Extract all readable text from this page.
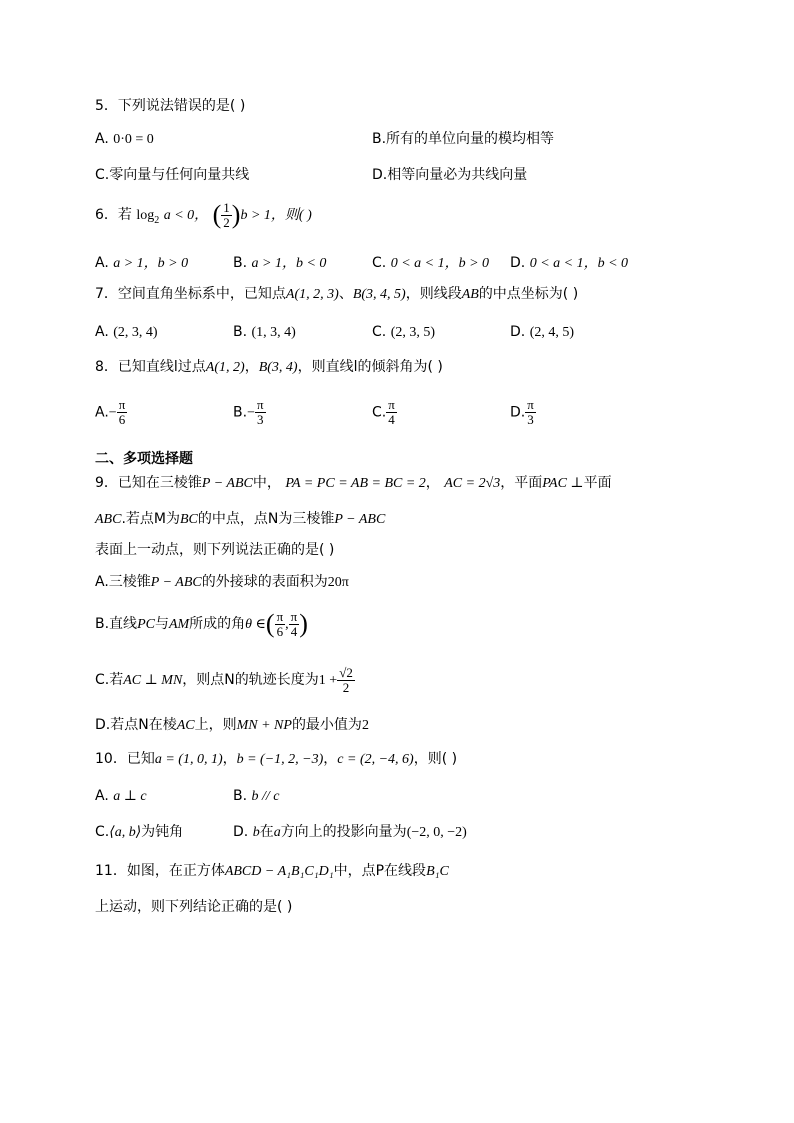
5．下列说法错误的是( )
A. 0·0 = 0	B.所有的单位向量的模均相等
C.零向量与任何向量共线	D.相等向量必为共线向量
6．若 $\log_2 a < 0$， ( $\frac{1}{2} )b > 1$，则( )
A. a > 1，b > 0	B. a > 1，b < 0	C. 0 < a < 1，b > 0 D. 0 < a < 1，b < 0
7．空间直角坐标系中，已知点A(1, 2, 3)、B(3, 4, 5)，则线段AB的中点坐标为( )
A. (2, 3, 4)	B. (1, 3, 4)	C. (2, 3, 5)	D. (2, 4, 5)
8．已知直线l过点A(1, 2)，B(3, 4)，则直线l的倾斜角为( )
$A.- \frac{\pi}{6}$	$B.- \frac{\pi}{3}$	C. $\frac{\pi}{4}$	D. $\frac{\pi}{3}$
二、多项选择题
9．已知在三棱锥P − ABC中， PA = PC = AB = BC = 2， AC = 2√3，平面PAC ⊥平面
ABC.若点M为BC的中点，点N为三棱锥P − ABC
表面上一动点，则下列说法正确的是( )
A.三棱锥P − ABC的外接球的表面积为20π
B.直线PC与AM所成的角θ ∈( $\frac{\pi}{6}$ , $\frac{\pi}{4}$ )
C.若AC ⊥ MN，则点N的轨迹长度为$1 + \frac{√2}{2}$
D.若点N在棱AC上，则MN + NP的最小值为2
10．已知a = (1, 0, 1)，b = (−1, 2, −3)，c = (2, −4, 6)，则( )
A. a ⊥ c	B. b // c
C.⟨a, b⟩为钝角	D. b在a方向上的投影向量为(−2, 0, −2)
11．如图，在正方体ABCD − A₁B₁C₁D₁中，点P在线段B₁C
上运动，则下列结论正确的是( )
